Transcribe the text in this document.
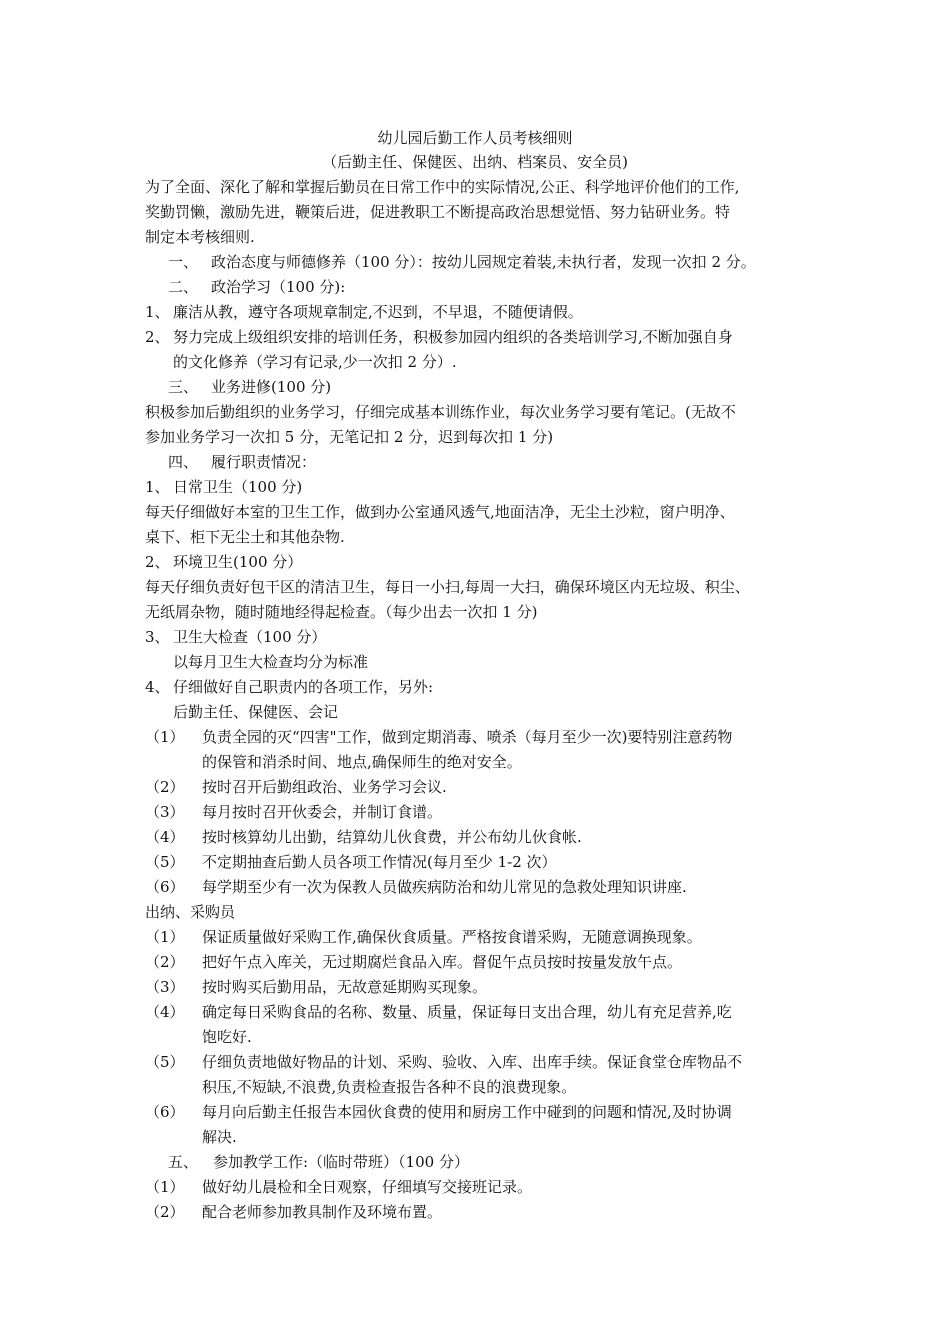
幼儿园后勤工作人员考核细则
（后勤主任、保健医、出纳、档案员、安全员)
为了全面、深化了解和掌握后勤员在日常工作中的实际情况,公正、科学地评价他们的工作,
奖勤罚懒，激励先进，鞭策后进，促进教职工不断提高政治思想觉悟、努力钻研业务。特
制定本考核细则.
一、 政治态度与师德修养（100 分）：按幼儿园规定着装,未执行者，发现一次扣 2 分。
二、 政治学习（100 分):
1、 廉洁从教，遵守各项规章制定,不迟到，不早退，不随便请假。
2、 努力完成上级组织安排的培训任务，积极参加园内组织的各类培训学习,不断加强自身
的文化修养（学习有记录,少一次扣 2 分）.
三、 业务进修(100 分)
积极参加后勤组织的业务学习，仔细完成基本训练作业，每次业务学习要有笔记。(无故不
参加业务学习一次扣 5 分，无笔记扣 2 分，迟到每次扣 1 分)
四、 履行职责情况：
1、 日常卫生（100 分)
每天仔细做好本室的卫生工作，做到办公室通风透气,地面洁净，无尘土沙粒，窗户明净、
桌下、柜下无尘土和其他杂物.
2、 环境卫生(100 分）
每天仔细负责好包干区的清洁卫生，每日一小扫,每周一大扫，确保环境区内无垃圾、积尘、
无纸屑杂物，随时随地经得起检查。（每少出去一次扣 1 分)
3、 卫生大检查（100 分）
以每月卫生大检查均分为标准
4、 仔细做好自己职责内的各项工作，另外:
后勤主任、保健医、会记
（1） 负责全园的灭“四害"工作，做到定期消毒、喷杀（每月至少一次)要特别注意药物
的保管和消杀时间、地点,确保师生的绝对安全。
（2） 按时召开后勤组政治、业务学习会议.
（3） 每月按时召开伙委会，并制订食谱。
（4） 按时核算幼儿出勤，结算幼儿伙食费，并公布幼儿伙食帐.
（5） 不定期抽查后勤人员各项工作情况(每月至少 1-2 次）
（6） 每学期至少有一次为保教人员做疾病防治和幼儿常见的急救处理知识讲座.
出纳、采购员
（1） 保证质量做好采购工作,确保伙食质量。严格按食谱采购，无随意调换现象。
（2） 把好午点入库关，无过期腐烂食品入库。督促午点员按时按量发放午点。
（3） 按时购买后勤用品，无故意延期购买现象。
（4） 确定每日采购食品的名称、数量、质量，保证每日支出合理，幼儿有充足营养,吃
饱吃好.
（5） 仔细负责地做好物品的计划、采购、验收、入库、出库手续。保证食堂仓库物品不
积压,不短缺,不浪费,负责检查报告各种不良的浪费现象。
（6） 每月向后勤主任报告本园伙食费的使用和厨房工作中碰到的问题和情况,及时协调
解决.
五、 参加教学工作:（临时带班）（100 分）
（1） 做好幼儿晨检和全日观察，仔细填写交接班记录。
（2） 配合老师参加教具制作及环境布置。
